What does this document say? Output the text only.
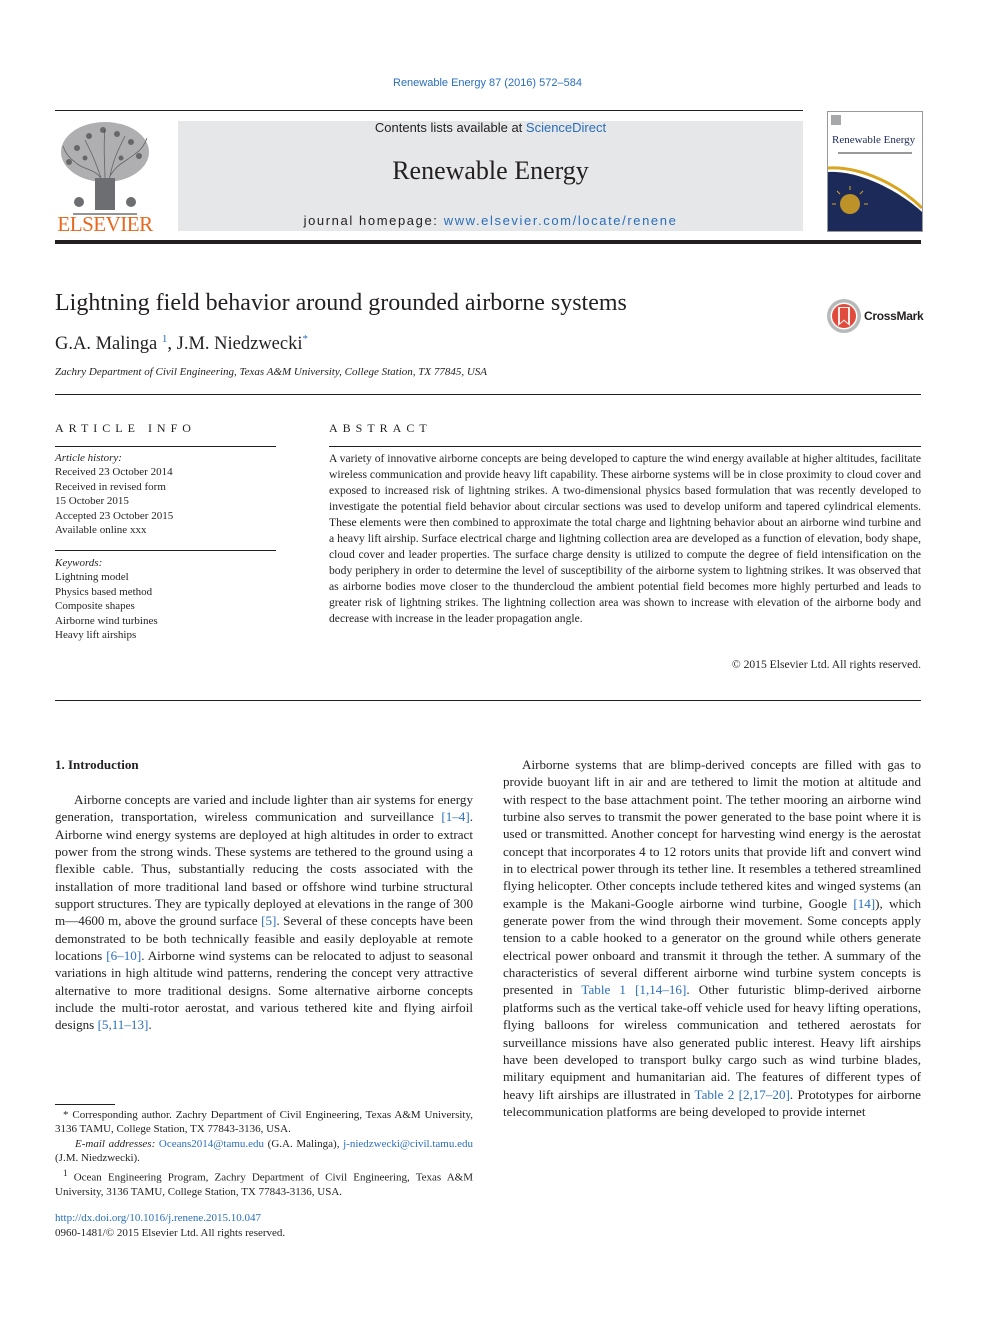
Renewable Energy 87 (2016) 572–584
ELSEVIER
Contents lists available at ScienceDirect
Renewable Energy
journal homepage: www.elsevier.com/locate/renene
Renewable Energy
Lightning field behavior around grounded airborne systems	CrossMark
G.A. Malinga $^1$, J.M. Niedzwecki*
Zachry Department of Civil Engineering, Texas A&M University, College Station, TX 77845, USA
ARTICLE INFO	ABSTRACT
Article history:
Received 23 October 2014
Received in revised form
15 October 2015
Accepted 23 October 2015
Available online xxx
Keywords:
Lightning model
Physics based method
Composite shapes
Airborne wind turbines
Heavy lift airships

A variety of innovative airborne concepts are being developed to capture the wind energy available at higher altitudes, facilitate wireless communication and provide heavy lift capability. These airborne systems will be in close proximity to cloud cover and exposed to increased risk of lightning strikes. A two-dimensional physics based formulation that was recently developed to investigate the potential field behavior about circular sections was used to develop uniform and tapered cylindrical elements. These elements were then combined to approximate the total charge and lightning behavior about an airborne wind turbine and a heavy lift airship. Surface electrical charge and lightning collection area are developed as a function of elevation, body shape, cloud cover and leader properties. The surface charge density is utilized to compute the degree of field intensification on the body periphery in order to determine the level of susceptibility of the airborne system to lightning strikes. It was observed that as airborne bodies move closer to the thundercloud the ambient potential field becomes more highly perturbed and leads to greater risk of lightning strikes. The lightning collection area was shown to increase with elevation of the airborne body and decrease with increase in the leader propagation angle.

© 2015 Elsevier Ltd. All rights reserved.
1. Introduction

Airborne concepts are varied and include lighter than air systems for energy generation, transportation, wireless communication and surveillance [1–4]. Airborne wind energy systems are deployed at high altitudes in order to extract power from the strong winds. These systems are tethered to the ground using a flexible cable. Thus, substantially reducing the costs associated with the installation of more traditional land based or offshore wind turbine structural support structures. They are typically deployed at elevations in the range of 300 m—4600 m, above the ground surface [5]. Several of these concepts have been demonstrated to be both technically feasible and easily deployable at remote locations [6–10]. Airborne wind systems can be relocated to adjust to seasonal variations in high altitude wind patterns, rendering the concept very attractive alternative to more traditional designs. Some alternative airborne concepts include the multi-rotor aerostat, and various tethered kite and flying airfoil designs [5,11–13].

Airborne systems that are blimp-derived concepts are filled with gas to provide buoyant lift in air and are tethered to limit the motion at altitude and with respect to the base attachment point. The tether mooring an airborne wind turbine also serves to transmit the power generated to the base point where it is used or transmitted. Another concept for harvesting wind energy is the aerostat concept that incorporates 4 to 12 rotors units that provide lift and convert wind in to electrical power through its tether line. It resembles a tethered streamlined flying helicopter. Other concepts include tethered kites and winged systems (an example is the Makani-Google airborne wind turbine, Google [14]), which generate power from the wind through their movement. Some concepts apply tension to a cable hooked to a generator on the ground while others generate electrical power onboard and transmit it through the tether. A summary of the characteristics of several different airborne wind turbine system concepts is presented in Table 1 [1,14–16]. Other futuristic blimp-derived airborne platforms such as the vertical take-off vehicle used for heavy lifting operations, flying balloons for wireless communication and tethered aerostats for surveillance missions have also generated public interest. Heavy lift airships have been developed to transport bulky cargo such as wind turbine blades, military equipment and humanitarian aid. The features of different types of heavy lift airships are illustrated in Table 2 [2,17–20]. Prototypes for airborne telecommunication platforms are being developed to provide internet

* Corresponding author. Zachry Department of Civil Engineering, Texas A&M University, 3136 TAMU, College Station, TX 77843-3136, USA.

E-mail addresses: Oceans2014@tamu.edu (G.A. Malinga), j-niedzwecki@civil.tamu.edu (J.M. Niedzwecki).

$^1$ Ocean Engineering Program, Zachry Department of Civil Engineering, Texas A&M University, 3136 TAMU, College Station, TX 77843-3136, USA.

http://dx.doi.org/10.1016/j.renene.2015.10.047
0960-1481/© 2015 Elsevier Ltd. All rights reserved.
